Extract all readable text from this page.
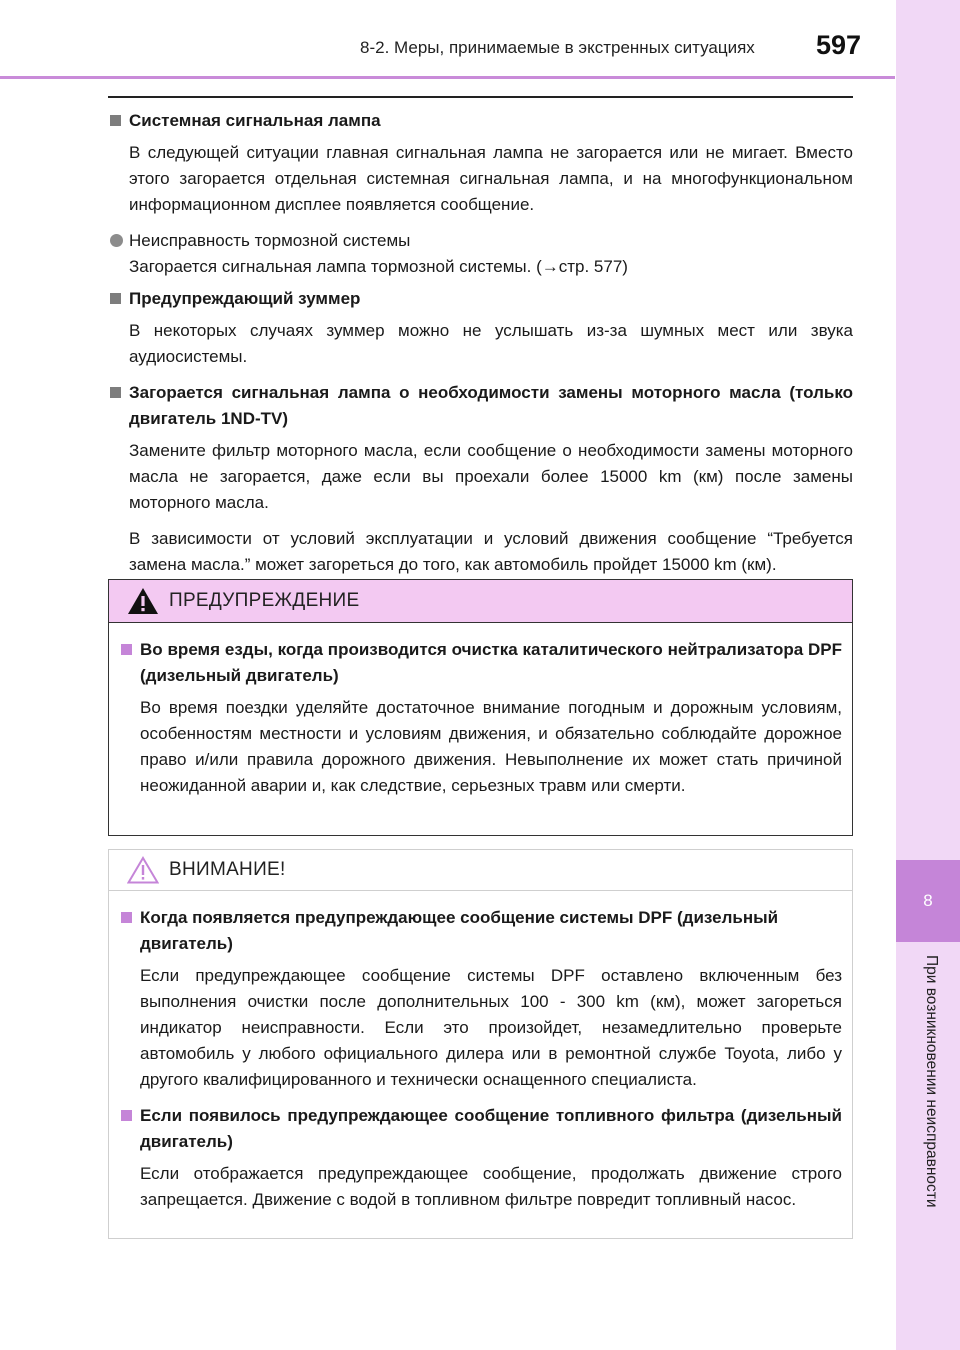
8
При возникновении неисправности
8-2. Меры, принимаемые в экстренных ситуациях 597
Системная сигнальная лампа

В следующей ситуации главная сигнальная лампа не загорается или не мигает. Вместо этого загорается отдельная системная сигнальная лампа, и на многофункциональном информационном дисплее появляется сообщение.

Неисправность тормозной системы
Загорается сигнальная лампа тормозной системы. (→стр. 577)
Предупреждающий зуммер

В некоторых случаях зуммер можно не услышать из-за шумных мест или звука аудиосистемы.

Загорается сигнальная лампа о необходимости замены моторного масла (только двигатель 1ND-TV)

Замените фильтр моторного масла, если сообщение о необходимости замены моторного масла не загорается, даже если вы проехали более 15000 km (км) после замены моторного масла.

В зависимости от условий эксплуатации и условий движения сообщение “Требуется замена масла.” может загореться до того, как автомобиль пройдет 15000 km (км).

ПРЕДУПРЕЖДЕНИЕ
Во время езды, когда производится очистка каталитического нейтрализатора DPF (дизельный двигатель)

Во время поездки уделяйте достаточное внимание погодным и дорожным условиям, особенностям местности и условиям движения, и обязательно соблюдайте дорожное право и/или правила дорожного движения. Невыполнение их может стать причиной неожиданной аварии и, как следствие, серьезных травм или смерти.

ВНИМАНИЕ!
Когда появляется предупреждающее сообщение системы DPF (дизельный двигатель)

Если предупреждающее сообщение системы DPF оставлено включенным без выполнения очистки после дополнительных 100 - 300 km (км), может загореться индикатор неисправности. Если это произойдет, незамедлительно проверьте автомобиль у любого официального дилера или в ремонтной службе Toyota, либо у другого квалифицированного и технически оснащенного специалиста.

Если появилось предупреждающее сообщение топливного фильтра (дизельный двигатель)

Если отображается предупреждающее сообщение, продолжать движение строго запрещается. Движение с водой в топливном фильтре повредит топливный насос.
